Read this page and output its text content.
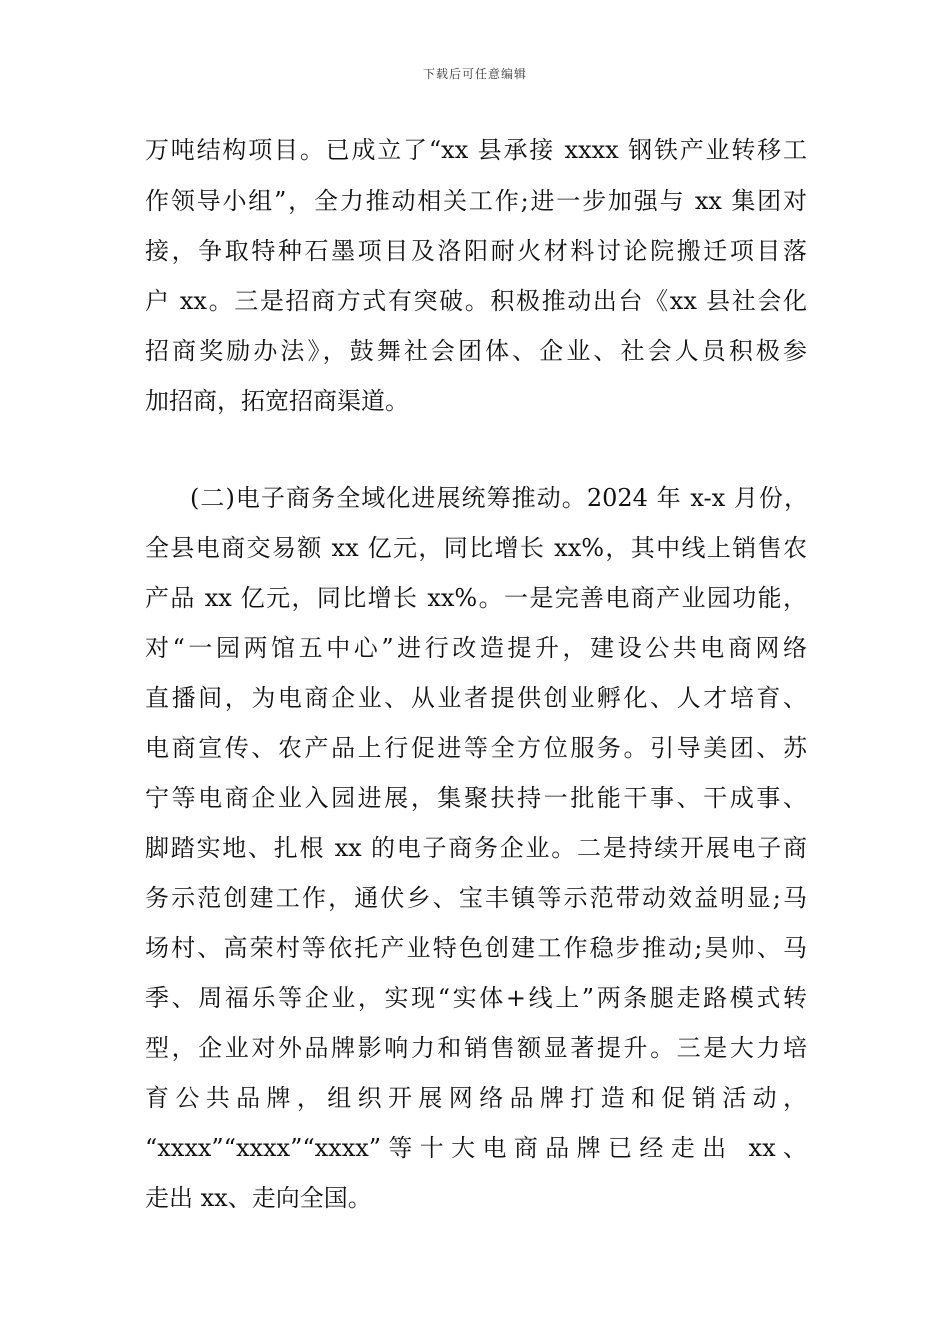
下载后可任意编辑
万吨结构项目。已成立了“xx 县承接 xxxx 钢铁产业转移工
作领导小组”，全力推动相关工作;进一步加强与 xx 集团对
接，争取特种石墨项目及洛阳耐火材料讨论院搬迁项目落
户 xx。三是招商方式有突破。积极推动出台《xx 县社会化
招商奖励办法》，鼓舞社会团体、企业、社会人员积极参
加招商，拓宽招商渠道。
(二)电子商务全域化进展统筹推动。2024 年 x-x 月份，
全县电商交易额 xx 亿元，同比增长 xx%，其中线上销售农
产品 xx 亿元，同比增长 xx%。一是完善电商产业园功能，
对“一园两馆五中心”进行改造提升，建设公共电商网络
直播间，为电商企业、从业者提供创业孵化、人才培育、
电商宣传、农产品上行促进等全方位服务。引导美团、苏
宁等电商企业入园进展，集聚扶持一批能干事、干成事、
脚踏实地、扎根 xx 的电子商务企业。二是持续开展电子商
务示范创建工作，通伏乡、宝丰镇等示范带动效益明显;马
场村、高荣村等依托产业特色创建工作稳步推动;昊帅、马
季、周福乐等企业，实现“实体+线上”两条腿走路模式转
型，企业对外品牌影响力和销售额显著提升。三是大力培
育公共品牌，组织开展网络品牌打造和促销活动，
“xxxx”“xxxx”“xxxx”等十大电商品牌已经走出 xx、
走出 xx、走向全国。
